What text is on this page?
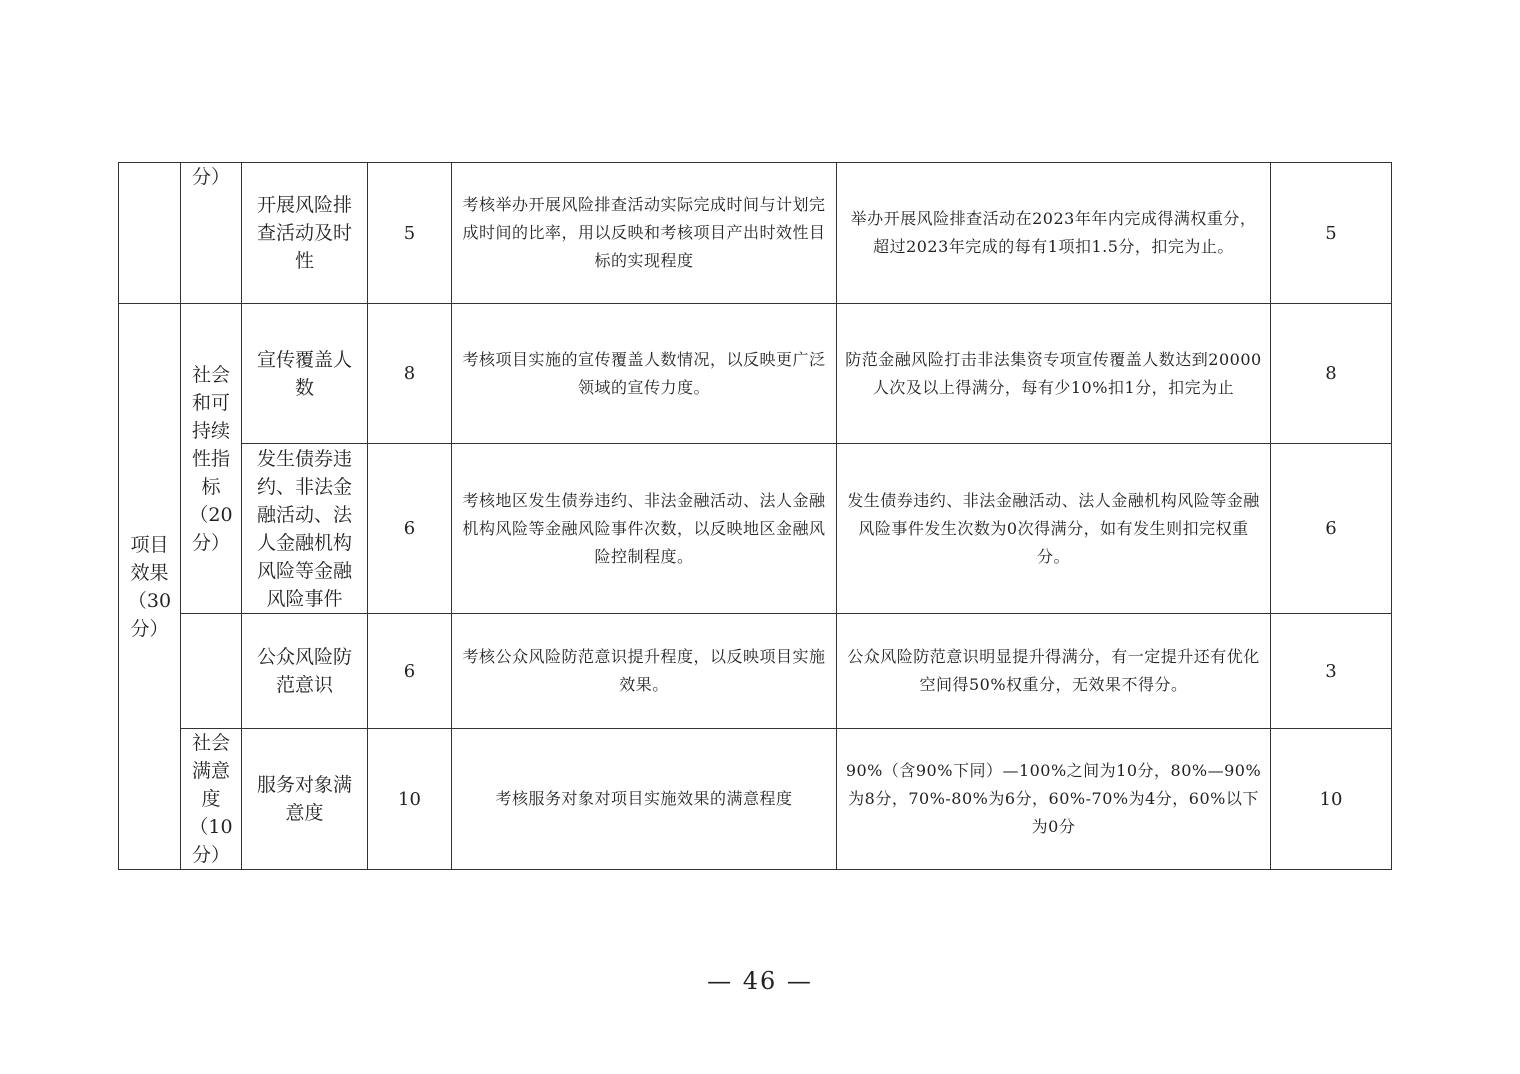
	分）	开展风险排查活动及时性	5	考核举办开展风险排查活动实际完成时间与计划完成时间的比率，用以反映和考核项目产出时效性目标的实现程度	举办开展风险排查活动在2023年年内完成得满权重分，超过2023年完成的每有1项扣1.5分，扣完为止。	5
项目效果（30分）	社会和可持续性指标（20分）	宣传覆盖人数	8	考核项目实施的宣传覆盖人数情况，以反映更广泛领域的宣传力度。	防范金融风险打击非法集资专项宣传覆盖人数达到20000人次及以上得满分，每有少10%扣1分，扣完为止	8
		发生债券违约、非法金融活动、法人金融机构风险等金融风险事件	6	考核地区发生债券违约、非法金融活动、法人金融机构风险等金融风险事件次数，以反映地区金融风险控制程度。	发生债券违约、非法金融活动、法人金融机构风险等金融风险事件发生次数为0次得满分，如有发生则扣完权重分。	6
		公众风险防范意识	6	考核公众风险防范意识提升程度，以反映项目实施效果。	公众风险防范意识明显提升得满分，有一定提升还有优化空间得50%权重分，无效果不得分。	3
	社会满意度（10分）	服务对象满意度	10	考核服务对象对项目实施效果的满意程度	90%（含90%下同）—100%之间为10分，80%—90%为8分，70%-80%为6分，60%-70%为4分，60%以下为0分	10
— 46 —
